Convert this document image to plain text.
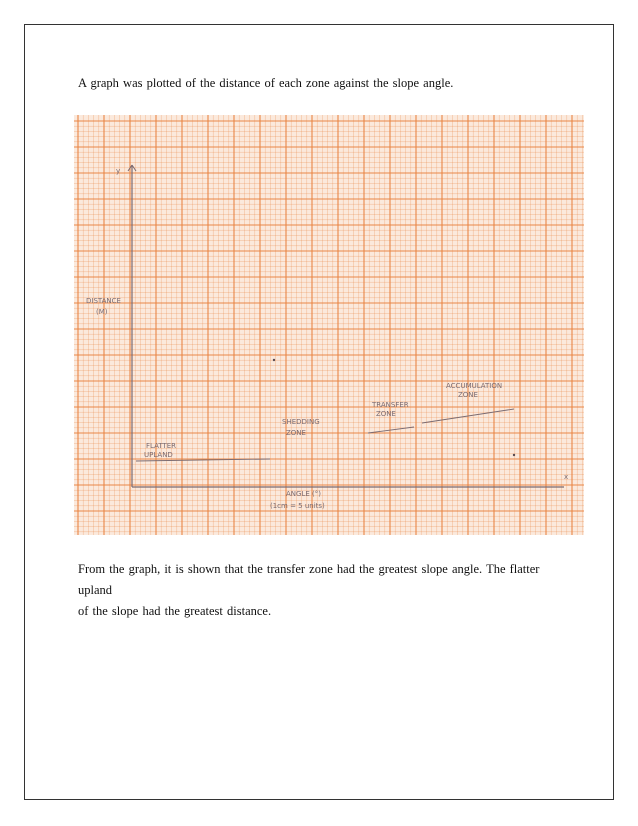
A graph was plotted of the distance of each zone against the slope angle.
y
x
DISTANCE
(M)
FLATTER
UPLAND
SHEDDING
ZONE
TRANSFER
ZONE
ACCUMULATION
ZONE
ANGLE (°)
(1cm = 5 units)

From the graph, it is shown that the transfer zone had the greatest slope angle. The flatter upland

of the slope had the greatest distance.
